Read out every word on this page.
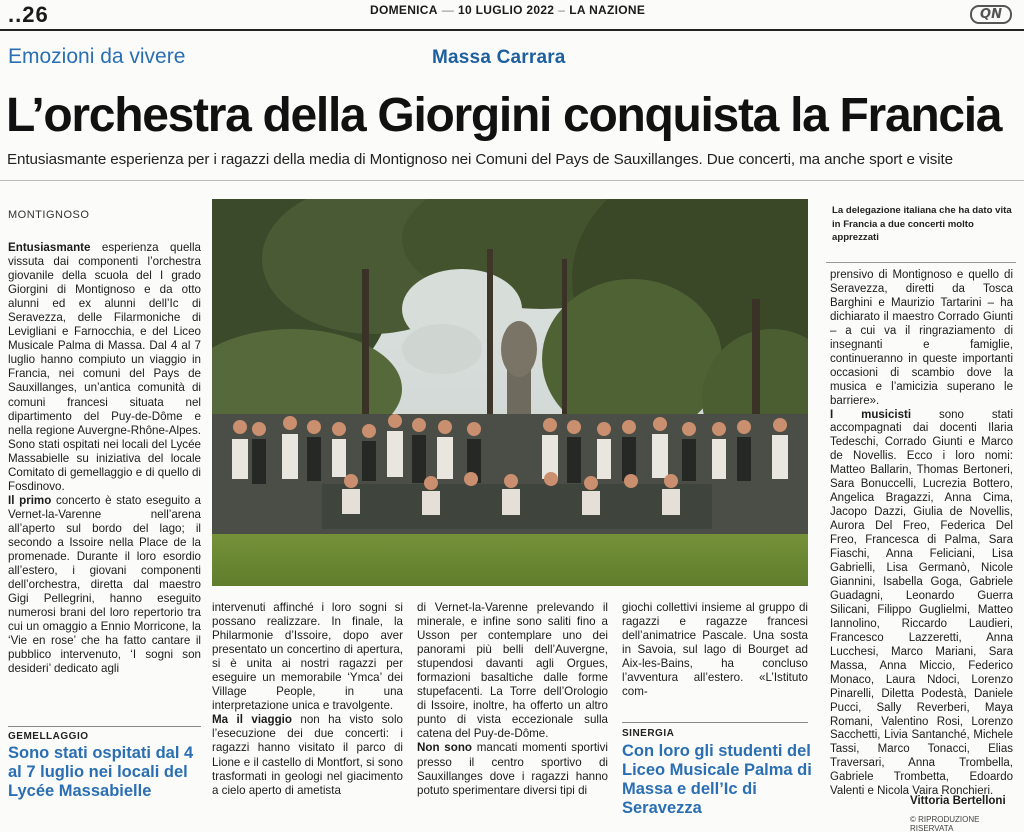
..26	DOMENICA — 10 LUGLIO 2022 – LA NAZIONE	QN
Emozioni da vivere	Massa Carrara
L’orchestra della Giorgini conquista la Francia
Entusiasmante esperienza per i ragazzi della media di Montignoso nei Comuni del Pays de Sauxillanges. Due concerti, ma anche sport e visite
MONTIGNOSO
Entusiasmante esperienza quella vissuta dai componenti l’orchestra giovanile della scuola del I grado Giorgini di Montignoso e da otto alunni ed ex alunni dell’Ic di Seravezza, delle Filarmoniche di Levigliani e Farnocchia, e del Liceo Musicale Palma di Massa. Dal 4 al 7 luglio hanno compiuto un viaggio in Francia, nei comuni del Pays de Sauxillanges, un’antica comunità di comuni francesi situata nel dipartimento del Puy-de-Dôme e nella regione Auvergne-Rhône-Alpes. Sono stati ospitati nei locali del Lycée Massabielle su iniziativa del locale Comitato di gemellaggio e di quello di Fosdinovo.
Il primo concerto è stato eseguito a Vernet-la-Varenne nell’arena all’aperto sul bordo del lago; il secondo a Issoire nella Place de la promenade. Durante il loro esordio all’estero, i giovani componenti dell’orchestra, diretta dal maestro Gigi Pellegrini, hanno eseguito numerosi brani del loro repertorio tra cui un omaggio a Ennio Morricone, la ‘Vie en rose’ che ha fatto cantare il pubblico intervenuto, ‘I sogni son desideri’ dedicato agli
GEMELLAGGIO
Sono stati ospitati dal 4 al 7 luglio nei locali del Lycée Massabielle
intervenuti affinché i loro sogni si possano realizzare. In finale, la Philarmonie d’Issoire, dopo aver presentato un concertino di apertura, si è unita ai nostri ragazzi per eseguire un memorabile ‘Ymca’ dei Village People, in una interpretazione unica e travolgente.
Ma il viaggio non ha visto solo l’esecuzione dei due concerti: i ragazzi hanno visitato il parco di Lione e il castello di Montfort, si sono trasformati in geologi nel giacimento a cielo aperto di ametista
di Vernet-la-Varenne prelevando il minerale, e infine sono saliti fino a Usson per contemplare uno dei panorami più belli dell’Auvergne, stupendosi davanti agli Orgues, formazioni basaltiche dalle forme stupefacenti. La Torre dell’Orologio di Issoire, inoltre, ha offerto un altro punto di vista eccezionale sulla catena del Puy-de-Dôme.
Non sono mancati momenti sportivi presso il centro sportivo di Sauxillanges dove i ragazzi hanno potuto sperimentare diversi tipi di
giochi collettivi insieme al gruppo di ragazzi e ragazze francesi dell’animatrice Pascale. Una sosta in Savoia, sul lago di Bourget ad Aix-les-Bains, ha concluso l’avventura all’estero. «L’Istituto com-
SINERGIA
Con loro gli studenti del Liceo Musicale Palma di Massa e dell’Ic di Seravezza
La delegazione italiana che ha dato vita in Francia a due concerti molto apprezzati
prensivo di Montignoso e quello di Seravezza, diretti da Tosca Barghini e Maurizio Tartarini – ha dichiarato il maestro Corrado Giunti – a cui va il ringraziamento di insegnanti e famiglie, continueranno in queste importanti occasioni di scambio dove la musica e l’amicizia superano le barriere».
I musicisti sono stati accompagnati dai docenti Ilaria Tedeschi, Corrado Giunti e Marco de Novellis. Ecco i loro nomi: Matteo Ballarin, Thomas Bertoneri, Sara Bonuccelli, Lucrezia Bottero, Angelica Bragazzi, Anna Cima, Jacopo Dazzi, Giulia de Novellis, Aurora Del Freo, Federica Del Freo, Francesca di Palma, Sara Fiaschi, Anna Feliciani, Lisa Gabrielli, Lisa Germanò, Nicole Giannini, Isabella Goga, Gabriele Guadagni, Leonardo Guerra Silicani, Filippo Guglielmi, Matteo Iannolino, Riccardo Laudieri, Francesco Lazzeretti, Anna Lucchesi, Marco Mariani, Sara Massa, Anna Miccio, Federico Monaco, Laura Ndoci, Lorenzo Pinarelli, Diletta Podestà, Daniele Pucci, Sally Reverberi, Maya Romani, Valentino Rosi, Lorenzo Sacchetti, Livia Santanché, Michele Tassi, Marco Tonacci, Elias Traversari, Anna Trombella, Gabriele Trombetta, Edoardo Valenti e Nicola Vaira Ronchieri.
Vittoria Bertelloni
© RIPRODUZIONE RISERVATA
